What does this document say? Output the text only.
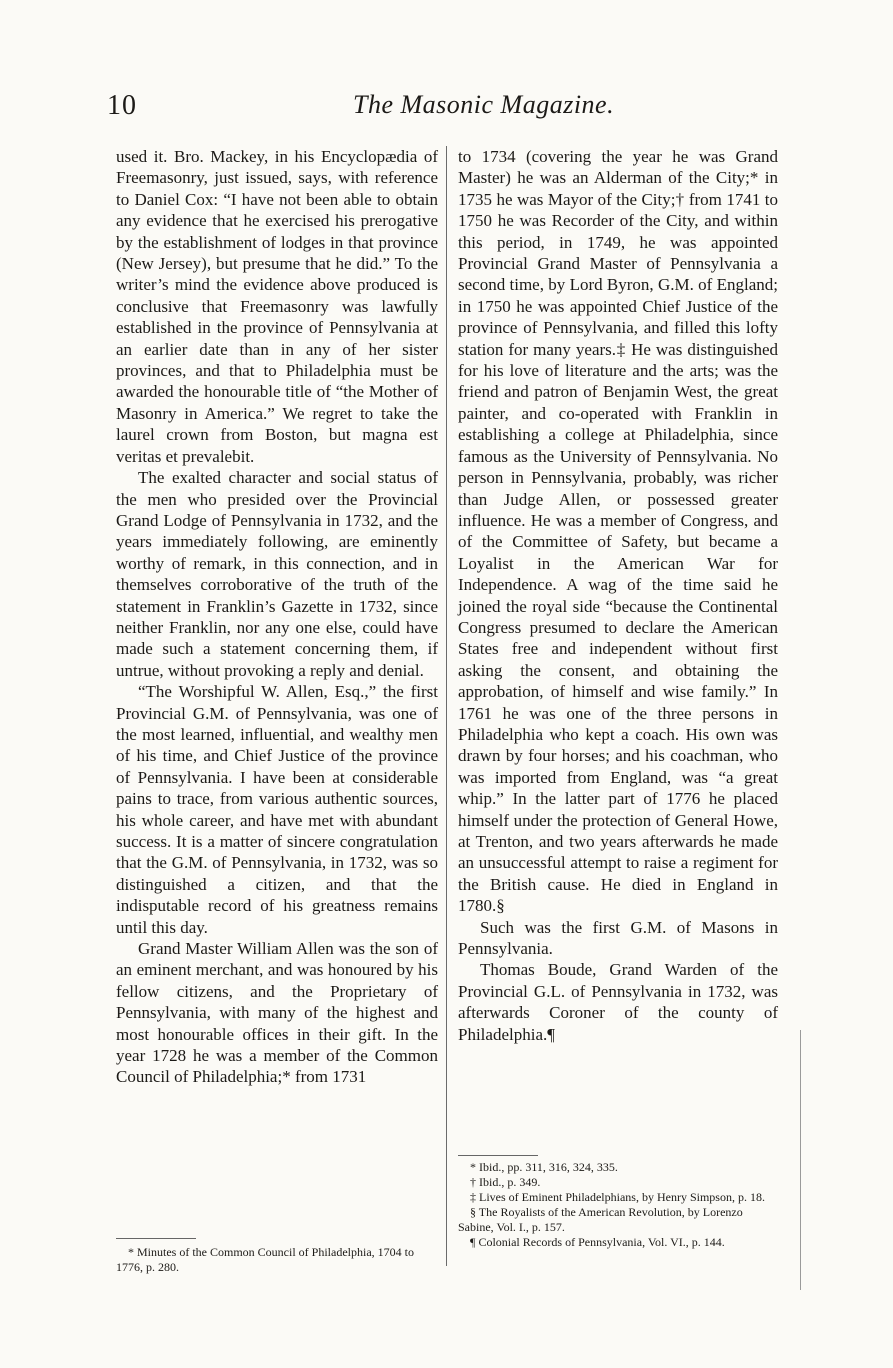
10	The Masonic Magazine.

used it. Bro. Mackey, in his Encyclopædia of Freemasonry, just issued, says, with reference to Daniel Cox: “I have not been able to obtain any evidence that he exercised his prerogative by the establishment of lodges in that province (New Jersey), but presume that he did.” To the writer’s mind the evidence above produced is conclusive that Freemasonry was lawfully established in the province of Pennsylvania at an earlier date than in any of her sister provinces, and that to Philadelphia must be awarded the honourable title of “the Mother of Masonry in America.” We regret to take the laurel crown from Boston, but magna est veritas et prevalebit.

The exalted character and social status of the men who presided over the Provincial Grand Lodge of Pennsylvania in 1732, and the years immediately following, are eminently worthy of remark, in this connection, and in themselves corroborative of the truth of the statement in Franklin’s Gazette in 1732, since neither Franklin, nor any one else, could have made such a statement concerning them, if untrue, without provoking a reply and denial.

“The Worshipful W. Allen, Esq.,” the first Provincial G.M. of Pennsylvania, was one of the most learned, influential, and wealthy men of his time, and Chief Justice of the province of Pennsylvania. I have been at considerable pains to trace, from various authentic sources, his whole career, and have met with abundant success. It is a matter of sincere congratulation that the G.M. of Pennsylvania, in 1732, was so distinguished a citizen, and that the indisputable record of his greatness remains until this day.

Grand Master William Allen was the son of an eminent merchant, and was honoured by his fellow citizens, and the Proprietary of Pennsylvania, with many of the highest and most honourable offices in their gift. In the year 1728 he was a member of the Common Council of Philadelphia;* from 1731

to 1734 (covering the year he was Grand Master) he was an Alderman of the City;* in 1735 he was Mayor of the City;† from 1741 to 1750 he was Recorder of the City, and within this period, in 1749, he was appointed Provincial Grand Master of Pennsylvania a second time, by Lord Byron, G.M. of England; in 1750 he was appointed Chief Justice of the province of Pennsylvania, and filled this lofty station for many years.‡ He was distinguished for his love of literature and the arts; was the friend and patron of Benjamin West, the great painter, and co-operated with Franklin in establishing a college at Philadelphia, since famous as the University of Pennsylvania. No person in Pennsylvania, probably, was richer than Judge Allen, or possessed greater influence. He was a member of Congress, and of the Committee of Safety, but became a Loyalist in the American War for Independence. A wag of the time said he joined the royal side “because the Continental Congress presumed to declare the American States free and independent without first asking the consent, and obtaining the approbation, of himself and wise family.” In 1761 he was one of the three persons in Philadelphia who kept a coach. His own was drawn by four horses; and his coachman, who was imported from England, was “a great whip.” In the latter part of 1776 he placed himself under the protection of General Howe, at Trenton, and two years afterwards he made an unsuccessful attempt to raise a regiment for the British cause. He died in England in 1780.§

Such was the first G.M. of Masons in Pennsylvania.

Thomas Boude, Grand Warden of the Provincial G.L. of Pennsylvania in 1732, was afterwards Coroner of the county of Philadelphia.¶

* Minutes of the Common Council of Philadelphia, 1704 to 1776, p. 280.

* Ibid., pp. 311, 316, 324, 335.

† Ibid., p. 349.

‡ Lives of Eminent Philadelphians, by Henry Simpson, p. 18.

§ The Royalists of the American Revolution, by Lorenzo Sabine, Vol. I., p. 157.

¶ Colonial Records of Pennsylvania, Vol. VI., p. 144.
